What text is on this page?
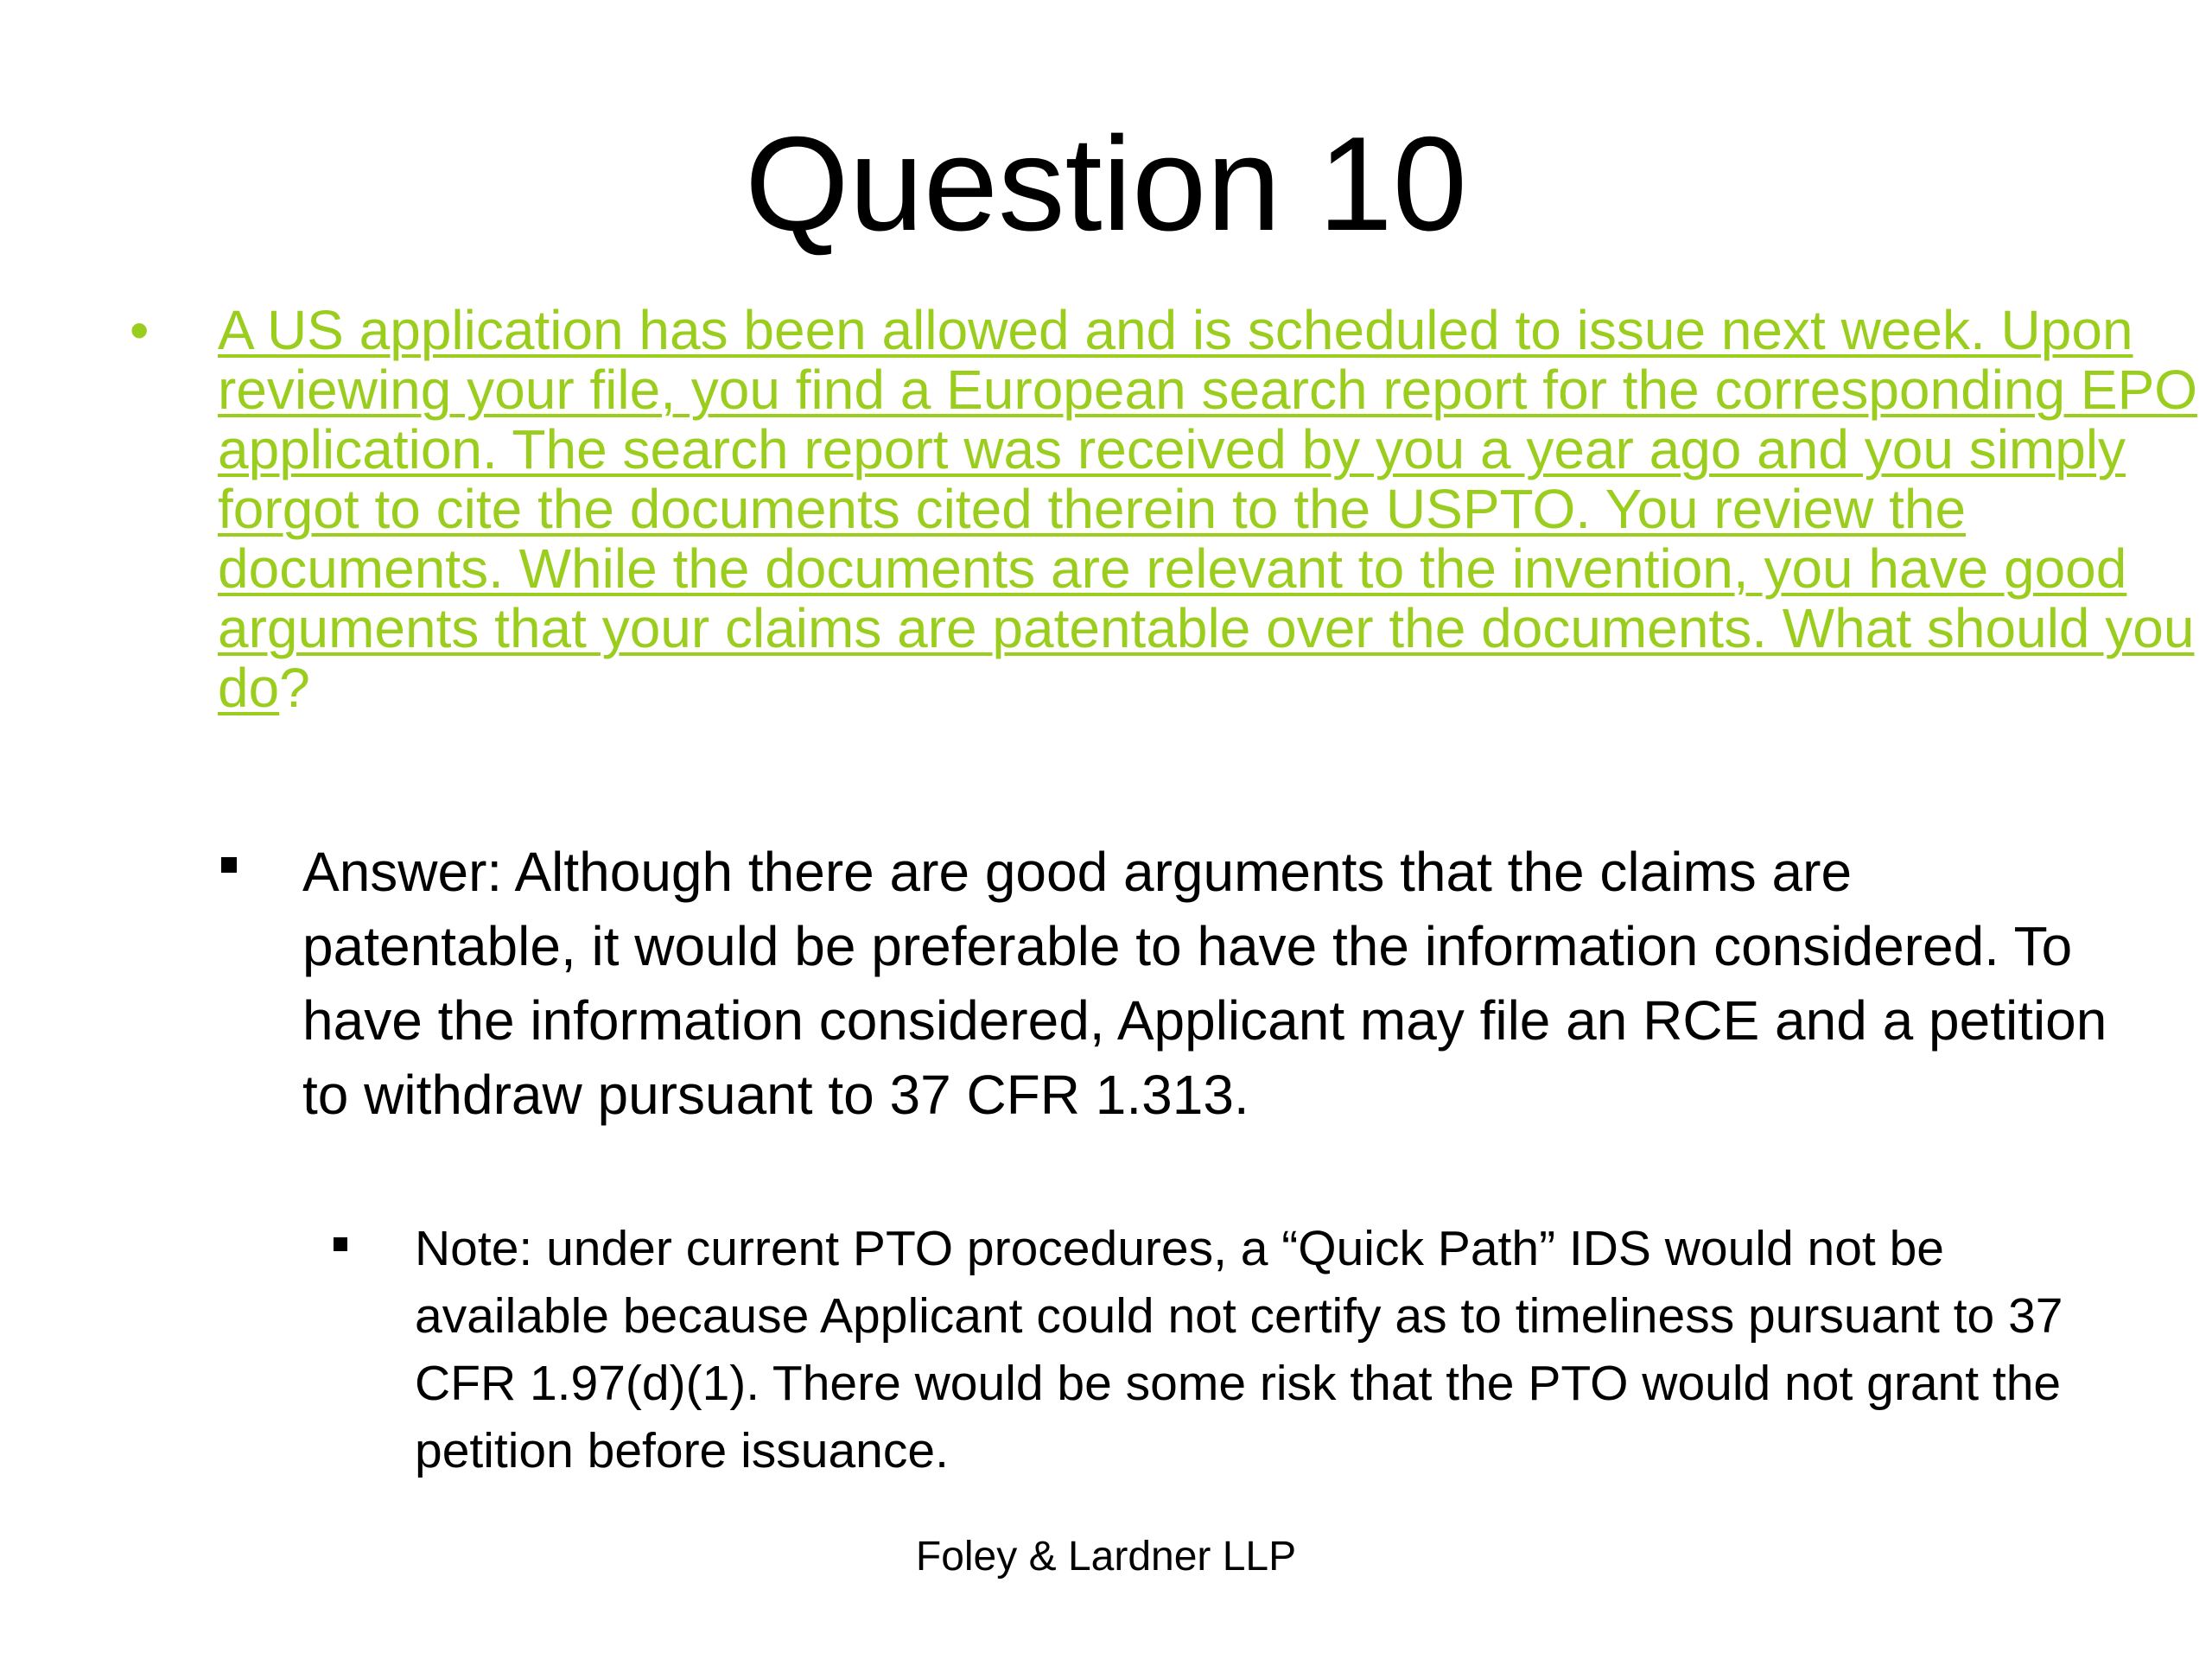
Question 10
• A US application has been allowed and is scheduled to issue next week. Upon reviewing your file, you find a European search report for the corresponding EPO application. The search report was received by you a year ago and you simply forgot to cite the documents cited therein to the USPTO. You review the documents. While the documents are relevant to the invention, you have good arguments that your claims are patentable over the documents. What should you do?
Answer: Although there are good arguments that the claims are patentable, it would be preferable to have the information considered. To have the information considered, Applicant may file an RCE and a petition to withdraw pursuant to 37 CFR 1.313.
Note: under current PTO procedures, a “Quick Path” IDS would not be available because Applicant could not certify as to timeliness pursuant to 37 CFR 1.97(d)(1). There would be some risk that the PTO would not grant the petition before issuance.
Foley & Lardner LLP
